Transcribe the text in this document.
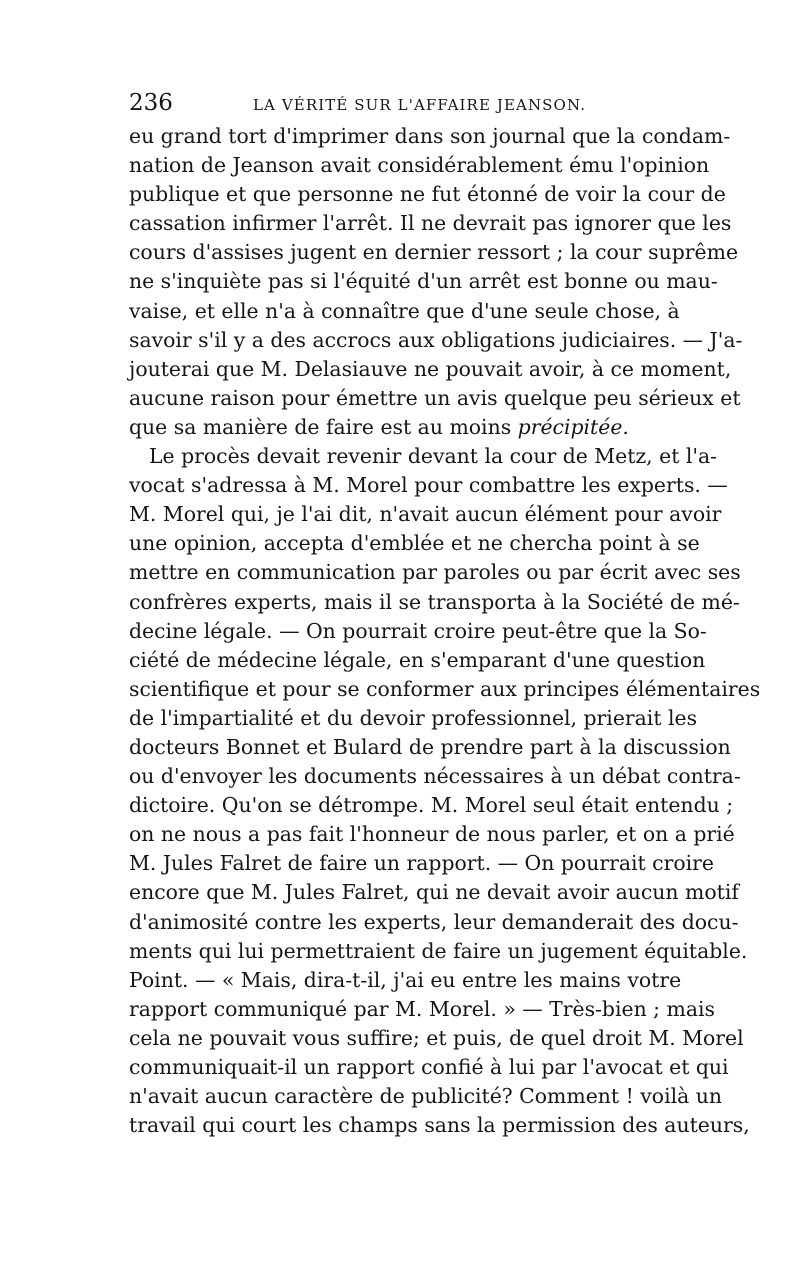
236	LA VÉRITÉ SUR L'AFFAIRE JEANSON.
eu grand tort d'imprimer dans son journal que la condam-
nation de Jeanson avait considérablement ému l'opinion
publique et que personne ne fut étonné de voir la cour de
cassation infirmer l'arrêt. Il ne devrait pas ignorer que les
cours d'assises jugent en dernier ressort ; la cour suprême
ne s'inquiète pas si l'équité d'un arrêt est bonne ou mau-
vaise, et elle n'a à connaître que d'une seule chose, à
savoir s'il y a des accrocs aux obligations judiciaires. — J'a-
jouterai que M. Delasiauve ne pouvait avoir, à ce moment,
aucune raison pour émettre un avis quelque peu sérieux et
que sa manière de faire est au moins précipitée.
Le procès devait revenir devant la cour de Metz, et l'a-
vocat s'adressa à M. Morel pour combattre les experts. —
M. Morel qui, je l'ai dit, n'avait aucun élément pour avoir
une opinion, accepta d'emblée et ne chercha point à se
mettre en communication par paroles ou par écrit avec ses
confrères experts, mais il se transporta à la Société de mé-
decine légale. — On pourrait croire peut-être que la So-
ciété de médecine légale, en s'emparant d'une question
scientifique et pour se conformer aux principes élémentaires
de l'impartialité et du devoir professionnel, prierait les
docteurs Bonnet et Bulard de prendre part à la discussion
ou d'envoyer les documents nécessaires à un débat contra-
dictoire. Qu'on se détrompe. M. Morel seul était entendu ;
on ne nous a pas fait l'honneur de nous parler, et on a prié
M. Jules Falret de faire un rapport. — On pourrait croire
encore que M. Jules Falret, qui ne devait avoir aucun motif
d'animosité contre les experts, leur demanderait des docu-
ments qui lui permettraient de faire un jugement équitable.
Point. — « Mais, dira-t-il, j'ai eu entre les mains votre
rapport communiqué par M. Morel. » — Très-bien ; mais
cela ne pouvait vous suffire; et puis, de quel droit M. Morel
communiquait-il un rapport confié à lui par l'avocat et qui
n'avait aucun caractère de publicité? Comment ! voilà un
travail qui court les champs sans la permission des auteurs,
